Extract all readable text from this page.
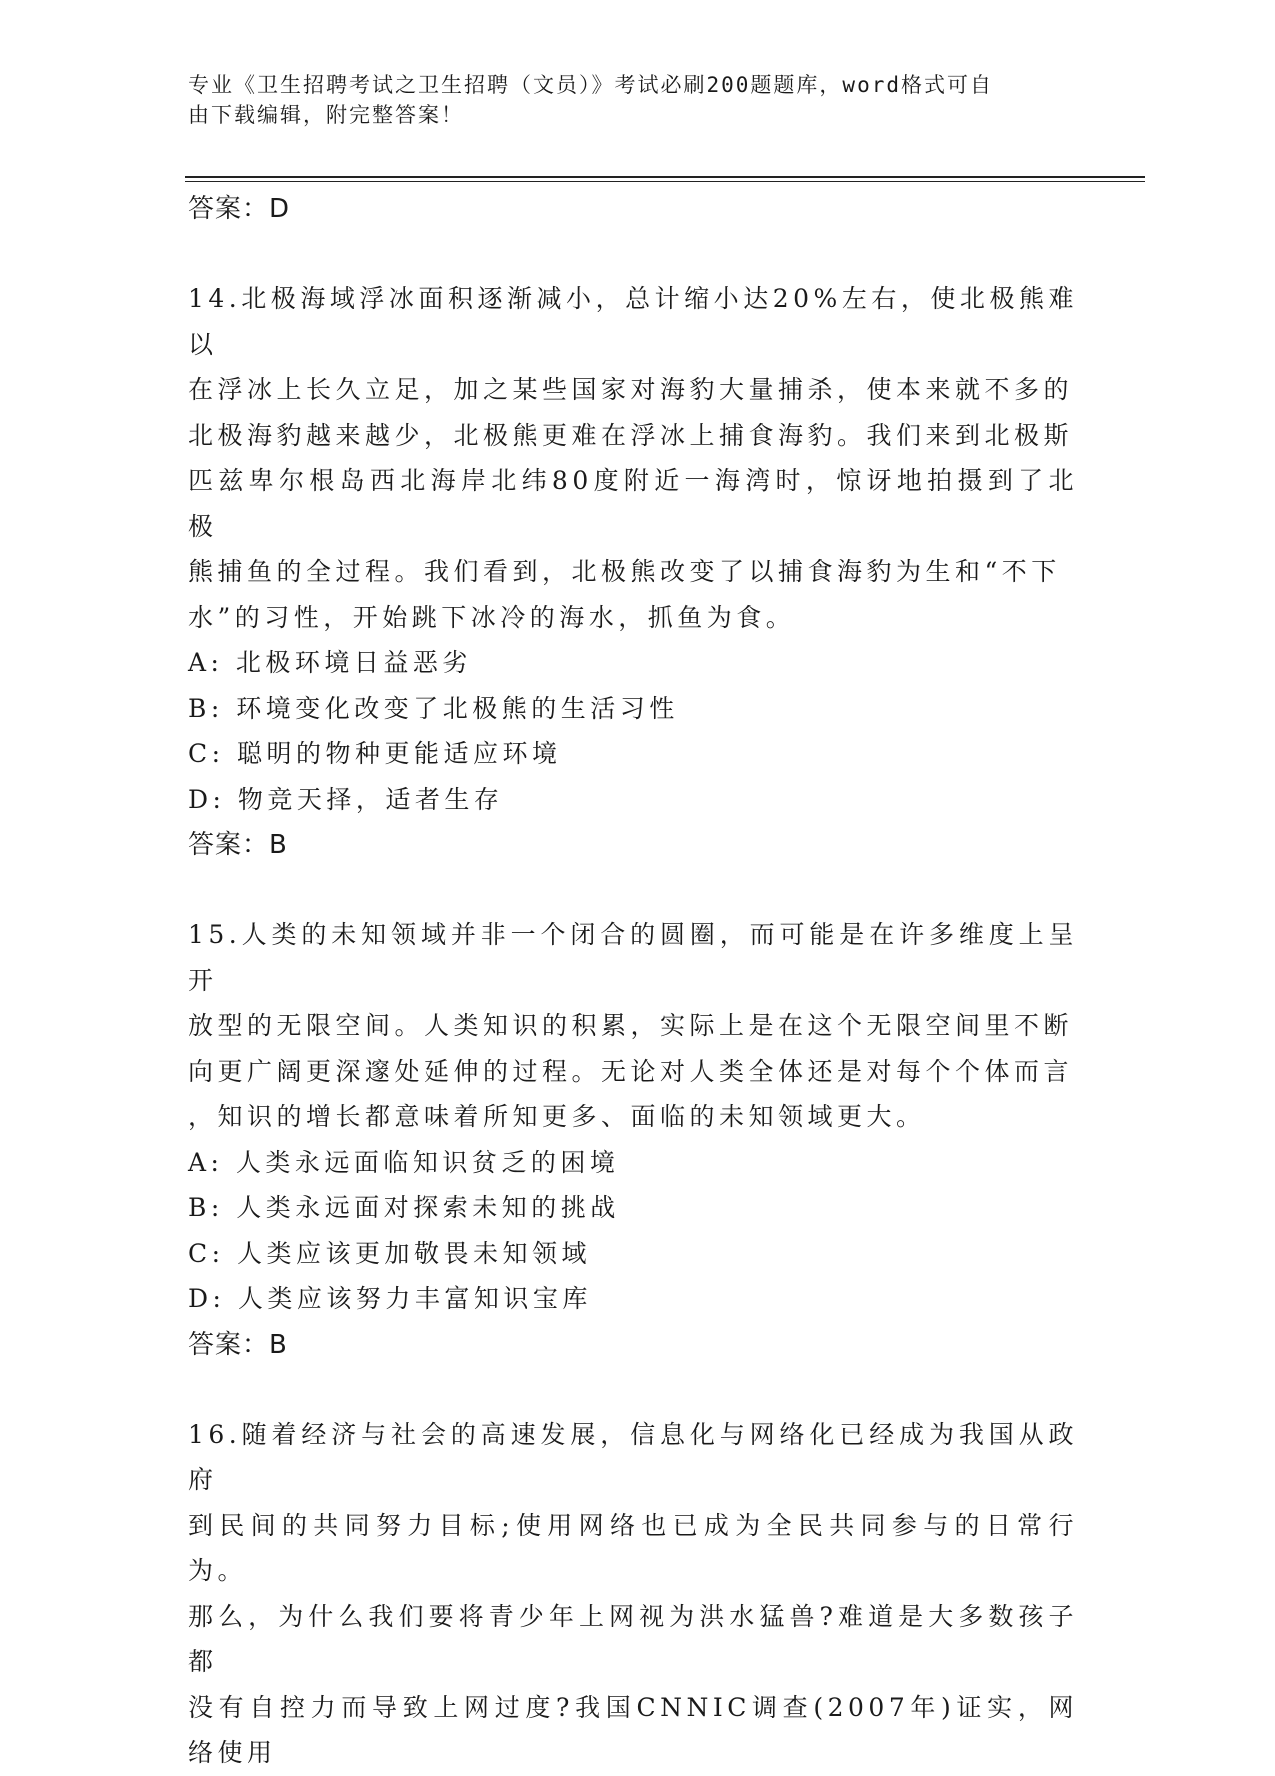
专业《卫生招聘考试之卫生招聘（文员）》考试必刷200题题库，word格式可自
由下载编辑，附完整答案！
答案：D
14.北极海域浮冰面积逐渐减小，总计缩小达20%左右，使北极熊难以
在浮冰上长久立足，加之某些国家对海豹大量捕杀，使本来就不多的
北极海豹越来越少，北极熊更难在浮冰上捕食海豹。我们来到北极斯
匹兹卑尔根岛西北海岸北纬80度附近一海湾时，惊讶地拍摄到了北极
熊捕鱼的全过程。我们看到，北极熊改变了以捕食海豹为生和“不下
水”的习性，开始跳下冰冷的海水，抓鱼为食。
A: 北极环境日益恶劣
B: 环境变化改变了北极熊的生活习性
C: 聪明的物种更能适应环境
D: 物竞天择，适者生存
答案：B
15.人类的未知领域并非一个闭合的圆圈，而可能是在许多维度上呈开
放型的无限空间。人类知识的积累，实际上是在这个无限空间里不断
向更广阔更深邃处延伸的过程。无论对人类全体还是对每个个体而言
，知识的增长都意味着所知更多、面临的未知领域更大。
A: 人类永远面临知识贫乏的困境
B: 人类永远面对探索未知的挑战
C: 人类应该更加敬畏未知领域
D: 人类应该努力丰富知识宝库
答案：B
16.随着经济与社会的高速发展，信息化与网络化已经成为我国从政府
到民间的共同努力目标;使用网络也已成为全民共同参与的日常行为。
那么，为什么我们要将青少年上网视为洪水猛兽?难道是大多数孩子都
没有自控力而导致上网过度?我国CNNIC调查(2007年)证实，网络使用
